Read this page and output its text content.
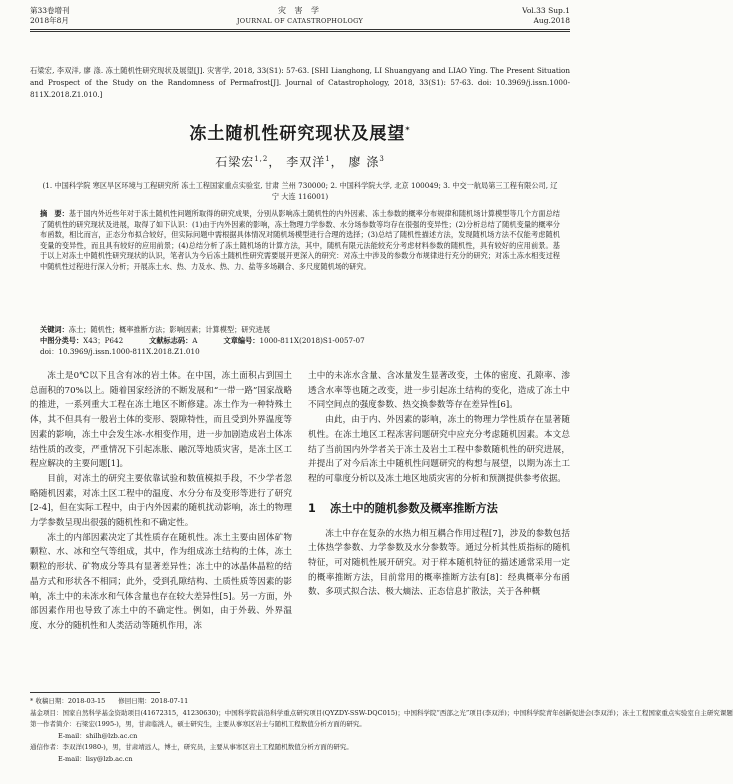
第33卷增刊
2018年8月
灾 害 学
JOURNAL OF CATASTROPHOLOGY
Vol.33 Sup.1
Aug.2018
石梁宏, 李双洋, 廖 涤. 冻土随机性研究现状及展望[J]. 灾害学, 2018, 33(S1): 57-63. [SHI Lianghong, LI Shuangyang and LIAO Ying. The Present Situation and Prospect of the Study on the Randomness of Permafrost[J]. Journal of Catastrophology, 2018, 33(S1): 57-63. doi: 10.3969/j.issn.1000-811X.2018.Z1.010.]
冻土随机性研究现状及展望*
石梁宏$^{1,2}$， 李双洋$^1$， 廖 涤$^3$
(1. 中国科学院 寒区旱区环境与工程研究所 冻土工程国家重点实验室, 甘肃 兰州 730000; 2. 中国科学院大学, 北京 100049; 3. 中交一航局第三工程有限公司, 辽宁 大连 116001)
摘　要：基于国内外近些年对于冻土随机性问题所取得的研究成果，分别从影响冻土随机性的内外因素、冻土参数的概率分布规律和随机场计算模型等几个方面总结了随机性的研究现状及进展，取得了如下认识：(1)由于内外因素的影响，冻土物理力学参数、水分场参数等均存在很强的变异性；(2)分析总结了随机变量的概率分布函数，相比而言，正态分布拟合较好，但实际问题中需根据具体情况对随机场模型进行合理的选择；(3)总结了随机性描述方法，发现随机场方法不仅能考虑随机变量的变异性，而且具有较好的应用前景；(4)总结分析了冻土随机场的计算方法，其中，随机有限元法能较充分考虑材料参数的随机性，具有较好的应用前景。基于以上对冻土中随机性研究现状的认识，笔者认为今后冻土随机性研究需要展开更深入的研究：对冻土中涉及的参数分布规律进行充分的研究；对冻土冻水相变过程中随机性过程进行深入分析；开展冻土水、热、力及水、热、力、盐等多场耦合、多尺度随机场的研究。
关键词：冻土；随机性；概率推断方法；影响因素；计算模型；研究进展
中图分类号：X43；P642	文献标志码：A	文章编号：1000-811X(2018)S1-0057-07
doi：10.3969/j.issn.1000-811X.2018.Z1.010

冻土是0℃以下且含有冰的岩土体。在中国，冻土面积占到国土总面积的70%以上。随着国家经济的不断发展和“一带一路”国家战略的推进，一系列重大工程在冻土地区不断修建。冻土作为一种特殊土体，其不但具有一般岩土体的变形、裂隙特性，而且受到外界温度等因素的影响，冻土中会发生冰-水相变作用，进一步加剧造成岩土体冻结性质的改变，严重情况下引起冻胀、融沉等地质灾害，是冻土区工程应解决的主要问题[1]。

目前，对冻土的研究主要依靠试验和数值模拟手段，不少学者忽略随机因素，对冻土区工程中的温度、水分分布及变形等进行了研究[2-4]，但在实际工程中，由于内外因素的随机扰动影响，冻土的物理力学参数呈现出很强的随机性和不确定性。

冻土的内部因素决定了其性质存在随机性。冻土主要由固体矿物颗粒、水、冰和空气等组成，其中，作为组成冻土结构的土体，冻土颗粒的形状、矿物成分等具有显著差异性；冻土中的冰晶体晶粒的结晶方式和形状各不相同；此外，受到孔隙结构、土质性质等因素的影响，冻土中的未冻水和气体含量也存在较大差异性[5]。另一方面，外部因素作用也导致了冻土中的不确定性。例如，由于外载、外界温度、水分的随机性和人类活动等随机作用，冻

土中的未冻水含量、含冰量发生显著改变，土体的密度、孔隙率、渗透含水率等也随之改变，进一步引起冻土结构的变化，造成了冻土中不同空间点的强度参数、热交换参数等存在差异性[6]。

由此，由于内、外因素的影响，冻土的物理力学性质存在显著随机性。在冻土地区工程冻害问题研究中应充分考虑随机因素。本文总结了当前国内外学者关于冻土及岩土工程中参数随机性的研究进展，并提出了对今后冻土中随机性问题研究的构想与展望，以期为冻土工程的可靠度分析以及冻土地区地质灾害的分析和预测提供参考依据。

1	冻土中的随机参数及概率推断方法

冻土中存在复杂的水热力相互耦合作用过程[7]，涉及的参数包括土体热学参数、力学参数及水分参数等。通过分析其性质指标的随机特征，可对随机性展开研究。对于样本随机特征的描述通常采用一定的概率推断方法，目前常用的概率推断方法有[8]：经典概率分布函数、多项式拟合法、极大熵法、正态信息扩散法，关于各种概

* 收稿日期：2018-03-15　　修回日期：2018-07-11
基金项目：国家自然科学基金资助项目(41672315，41230630)；中国科学院前沿科学重点研究项目(QYZDY-SSW-DQC015)；中国科学院“西部之光”项目(李双洋)；中国科学院青年创新促进会(李双洋)；冻土工程国家重点实验室自主研究课题
第一作者简介：石梁宏(1995-)，男，甘肃临洮人，硕士研究生，主要从事寒区岩土与随机工程数值分析方面的研究。
E-mail：shilh@lzb.ac.cn
通信作者：李双洋(1980-)，男，甘肃靖远人，博士，研究员，主要从事寒区岩土工程随机数值分析方面的研究。
E-mail：lisy@lzb.ac.cn
